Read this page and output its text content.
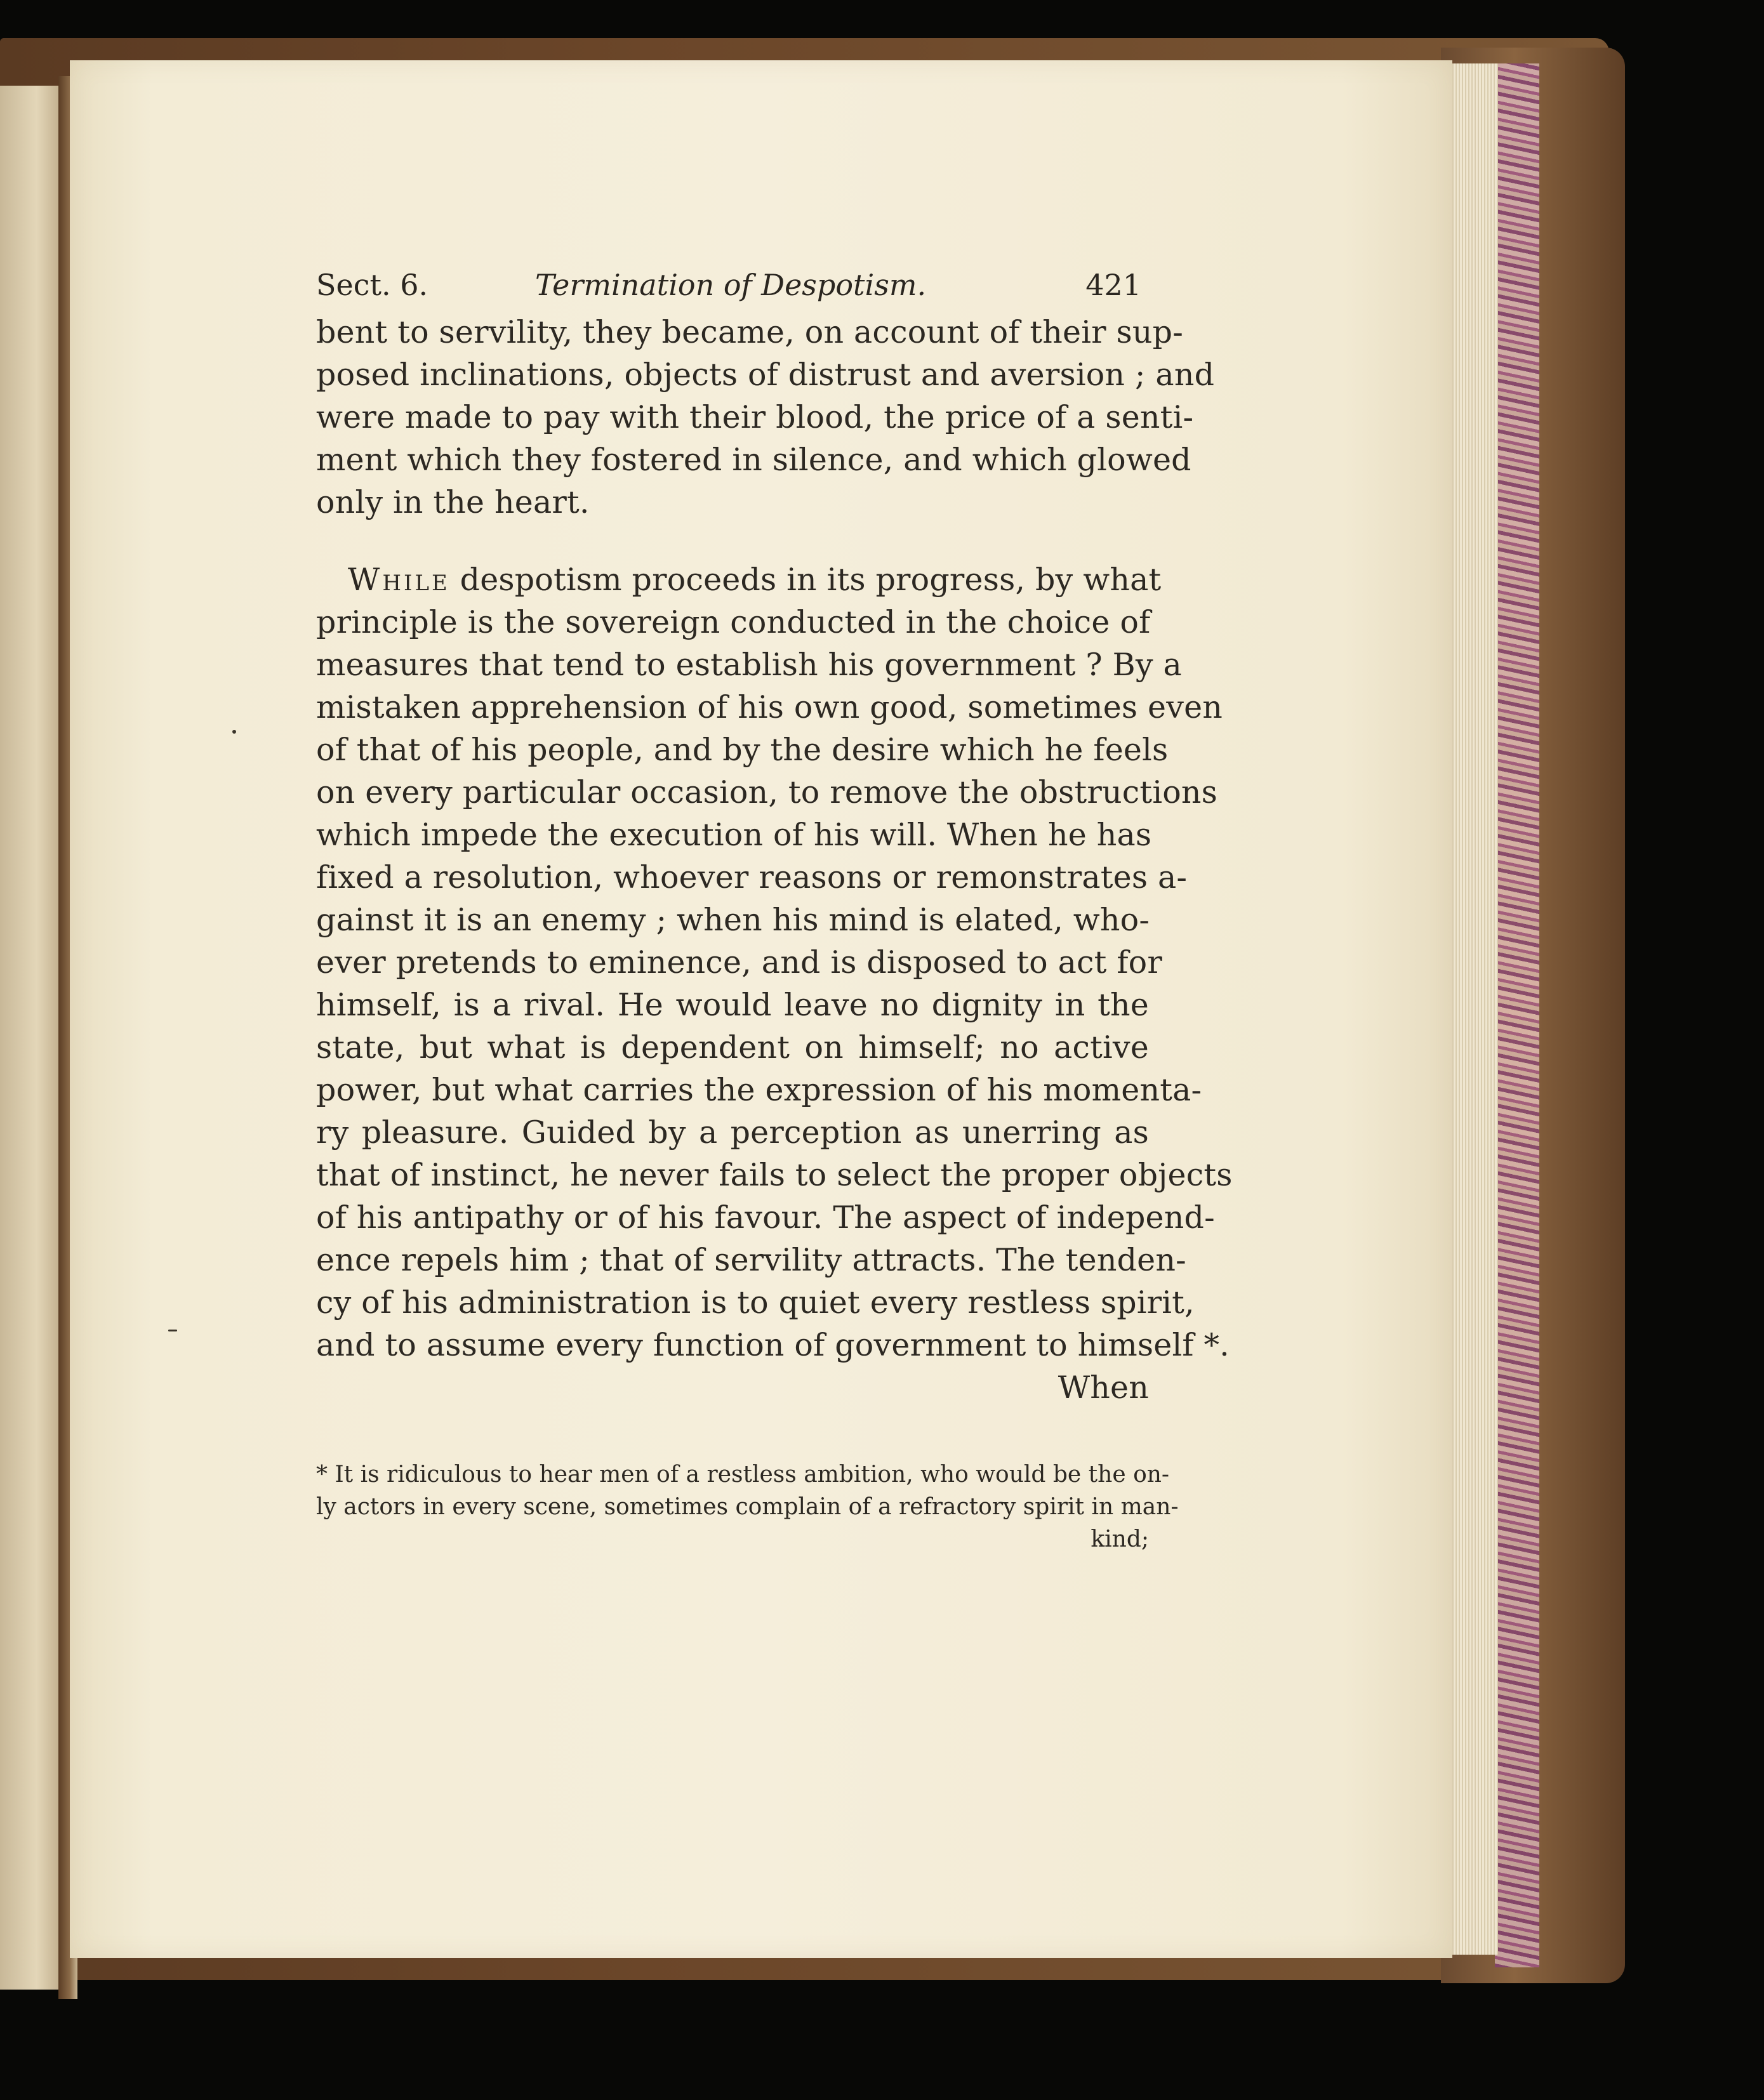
Sect. 6.	Termination of Despotism.	421
bent to servility, they became, on account of their sup-
posed inclinations, objects of distrust and aversion ; and
were made to pay with their blood, the price of a senti-
ment which they fostered in silence, and which glowed
only in the heart.
While despotism proceeds in its progress, by what
principle is the sovereign conducted in the choice of
measures that tend to establish his government ? By a
mistaken apprehension of his own good, sometimes even
of that of his people, and by the desire which he feels
on every particular occasion, to remove the obstructions
which impede the execution of his will. When he has
fixed a resolution, whoever reasons or remonstrates a-
gainst it is an enemy ; when his mind is elated, who-
ever pretends to eminence, and is disposed to act for
himself, is a rival. He would leave no dignity in the
state, but what is dependent on himself; no active
power, but what carries the expression of his momenta-
ry pleasure. Guided by a perception as unerring as
that of instinct, he never fails to select the proper objects
of his antipathy or of his favour. The aspect of independ-
ence repels him ; that of servility attracts. The tenden-
cy of his administration is to quiet every restless spirit,
and to assume every function of government to himself *.
When
* It is ridiculous to hear men of a restless ambition, who would be the on-
ly actors in every scene, sometimes complain of a refractory spirit in man-
kind;
